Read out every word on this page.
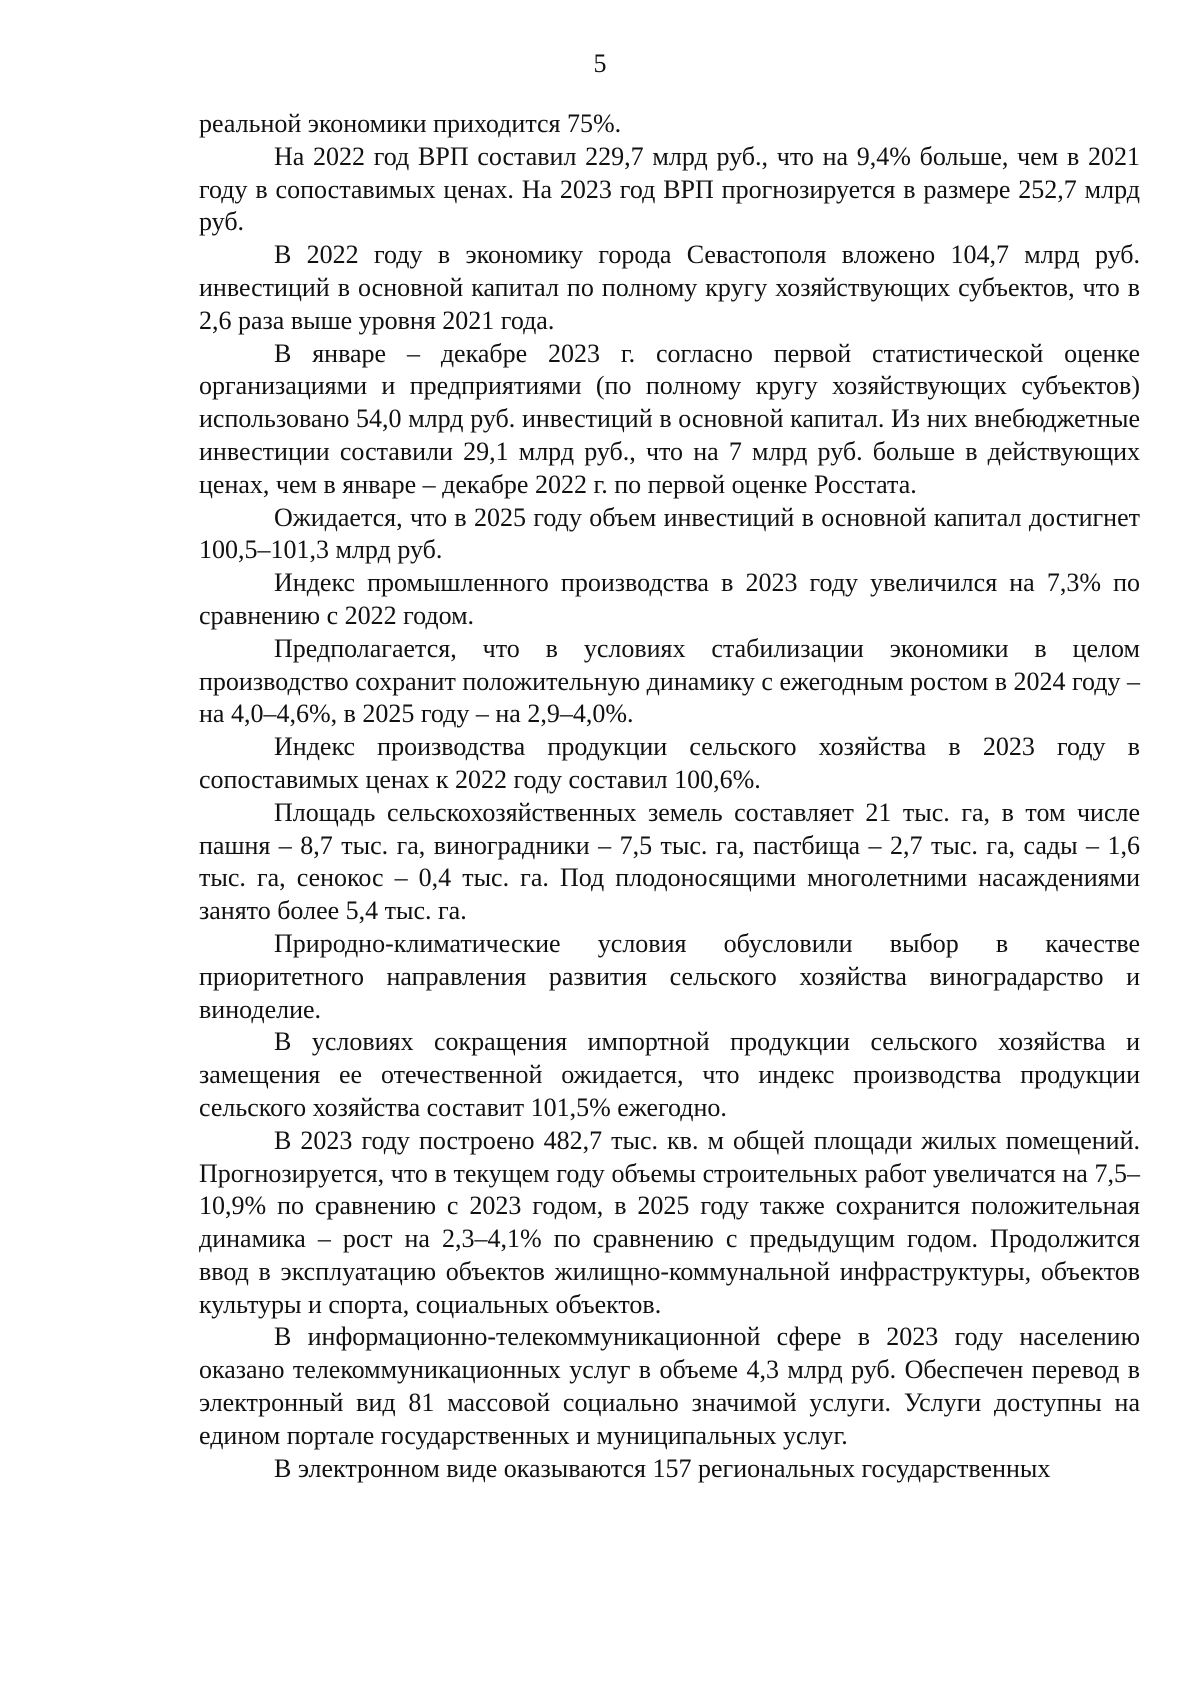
5

реальной экономики приходится 75%.

На 2022 год ВРП составил 229,7 млрд руб., что на 9,4% больше, чем в 2021 году в сопоставимых ценах. На 2023 год ВРП прогнозируется в размере 252,7 млрд руб.

В 2022 году в экономику города Севастополя вложено 104,7 млрд руб. инвестиций в основной капитал по полному кругу хозяйствующих субъектов, что в 2,6 раза выше уровня 2021 года.

В январе – декабре 2023 г. согласно первой статистической оценке организациями и предприятиями (по полному кругу хозяйствующих субъектов) использовано 54,0 млрд руб. инвестиций в основной капитал. Из них внебюджетные инвестиции составили 29,1 млрд руб., что на 7 млрд руб. больше в действующих ценах, чем в январе – декабре 2022 г. по первой оценке Росстата.

Ожидается, что в 2025 году объем инвестиций в основной капитал достигнет 100,5–101,3 млрд руб.

Индекс промышленного производства в 2023 году увеличился на 7,3% по сравнению с 2022 годом.

Предполагается, что в условиях стабилизации экономики в целом производство сохранит положительную динамику с ежегодным ростом в 2024 году – на 4,0–4,6%, в 2025 году – на 2,9–4,0%.

Индекс производства продукции сельского хозяйства в 2023 году в сопоставимых ценах к 2022 году составил 100,6%.

Площадь сельскохозяйственных земель составляет 21 тыс. га, в том числе пашня – 8,7 тыс. га, виноградники – 7,5 тыс. га, пастбища – 2,7 тыс. га, сады – 1,6 тыс. га, сенокос – 0,4 тыс. га. Под плодоносящими многолетними насаждениями занято более 5,4 тыс. га.

Природно-климатические условия обусловили выбор в качестве приоритетного направления развития сельского хозяйства виноградарство и виноделие.

В условиях сокращения импортной продукции сельского хозяйства и замещения ее отечественной ожидается, что индекс производства продукции сельского хозяйства составит 101,5% ежегодно.

В 2023 году построено 482,7 тыс. кв. м общей площади жилых помещений. Прогнозируется, что в текущем году объемы строительных работ увеличатся на 7,5–10,9% по сравнению с 2023 годом, в 2025 году также сохранится положительная динамика – рост на 2,3–4,1% по сравнению с предыдущим годом. Продолжится ввод в эксплуатацию объектов жилищно-коммунальной инфраструктуры, объектов культуры и спорта, социальных объектов.

В информационно-телекоммуникационной сфере в 2023 году населению оказано телекоммуникационных услуг в объеме 4,3 млрд руб. Обеспечен перевод в электронный вид 81 массовой социально значимой услуги. Услуги доступны на едином портале государственных и муниципальных услуг.

В электронном виде оказываются 157 региональных государственных
